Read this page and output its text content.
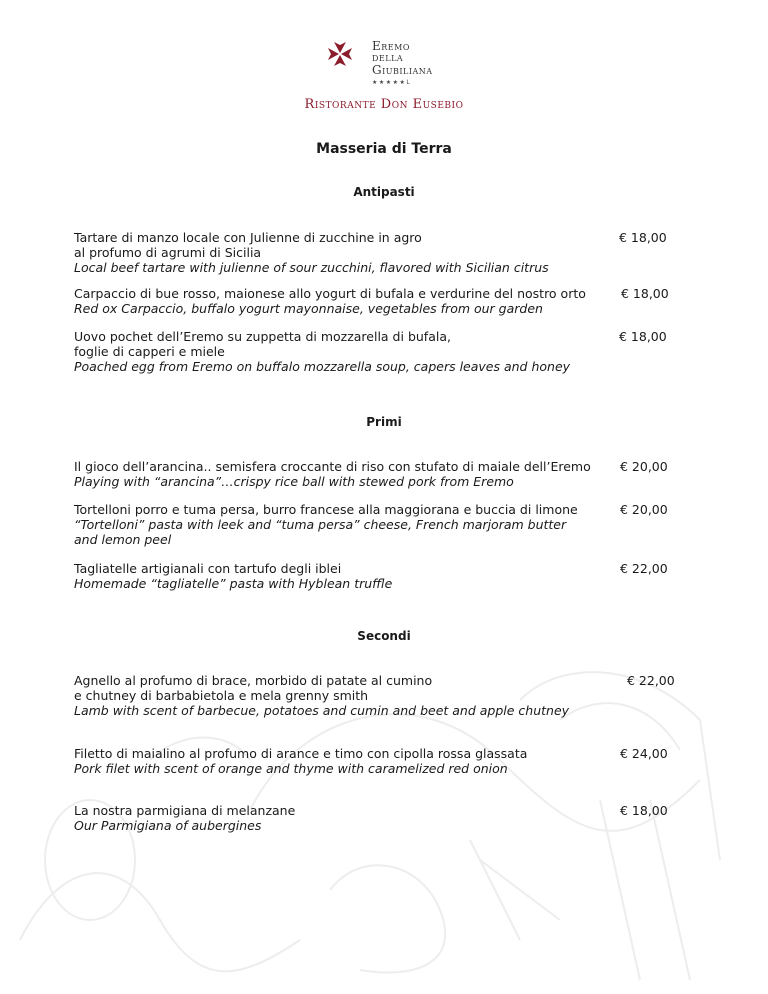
Eremo
della
Giubiliana
★★★★★L
Ristorante Don Eusebio
Masseria di Terra
Antipasti
Tartare di manzo locale con Julienne di zucchine in agro
al profumo di agrumi di Sicilia
Local beef tartare with julienne of sour zucchini, flavored with Sicilian citrus
€ 18,00
Carpaccio di bue rosso, maionese allo yogurt di bufala e verdurine del nostro orto
Red ox Carpaccio, buffalo yogurt mayonnaise, vegetables from our garden
€ 18,00
Uovo pochet dell’Eremo su zuppetta di mozzarella di bufala,
foglie di capperi e miele
Poached egg from Eremo on buffalo mozzarella soup, capers leaves and honey
€ 18,00
Primi
Il gioco dell’arancina.. semisfera croccante di riso con stufato di maiale dell’Eremo
Playing with “arancina”…crispy rice ball with stewed pork from Eremo
€ 20,00
Tortelloni porro e tuma persa, burro francese alla maggiorana e buccia di limone
“Tortelloni” pasta with leek and “tuma persa” cheese, French marjoram butter
and lemon peel
€ 20,00
Tagliatelle artigianali con tartufo degli iblei
Homemade “tagliatelle” pasta with Hyblean truffle
€ 22,00
Secondi
Agnello al profumo di brace, morbido di patate al cumino
e chutney di barbabietola e mela grenny smith
Lamb with scent of barbecue, potatoes and cumin and beet and apple chutney
€ 22,00
Filetto di maialino al profumo di arance e timo con cipolla rossa glassata
Pork filet with scent of orange and thyme with caramelized red onion
€ 24,00
La nostra parmigiana di melanzane
Our Parmigiana of aubergines
€ 18,00
